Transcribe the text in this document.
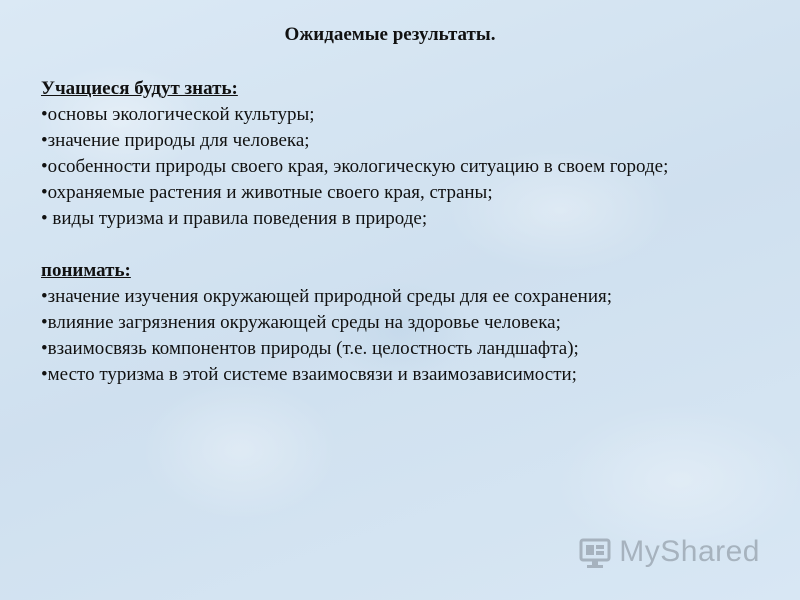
Ожидаемые результаты.
Учащиеся будут знать:
•основы экологической культуры;
•значение природы для человека;
•особенности природы своего края, экологическую ситуацию в своем городе;
•охраняемые растения и животные своего края, страны;
• виды туризма и правила поведения в природе;
понимать:
•значение изучения окружающей природной среды для ее сохранения;
•влияние загрязнения окружающей среды на здоровье человека;
•взаимосвязь компонентов природы (т.е. целостность ландшафта);
•место туризма в этой системе взаимосвязи и взаимозависимости;
MyShared
